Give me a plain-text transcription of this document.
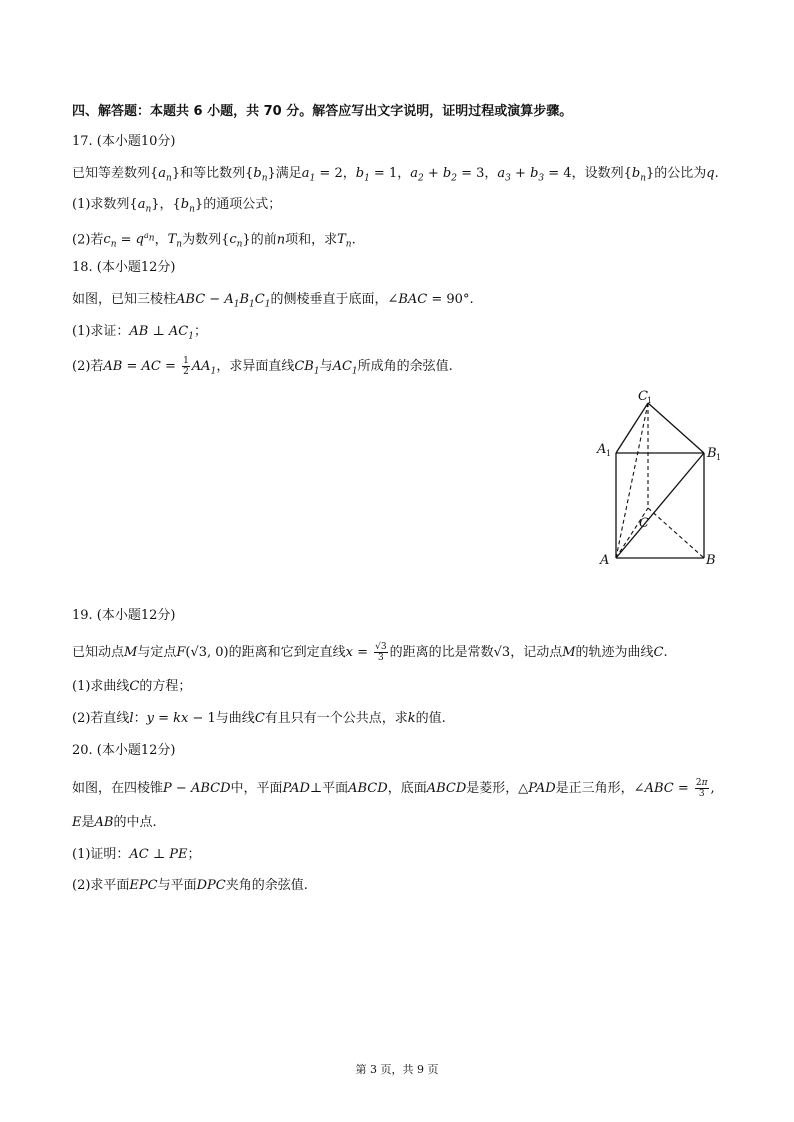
四、解答题：本题共 6 小题，共 70 分。解答应写出文字说明，证明过程或演算步骤。
17. (本小题10分)
已知等差数列$\{a_n\}$和等比数列$\{b_n\}$满足$a_1 = 2$，$b_1 = 1$，$a_2 + b_2 = 3$，$a_3 + b_3 = 4$，设数列$\{b_n\}$的公比为q.
(1)求数列$\{a_n\}$，$\{b_n\}$的通项公式；
(2)若$c_n = q^{a_n}$，$T_n$为数列$\{c_n\}$的前n项和，求$T_n$.
18. (本小题12分)
如图，已知三棱柱ABC − $A_1B_1C_1$的侧棱垂直于底面，∠BAC = 90°.
(1)求证：AB ⊥ $AC_1$；
(2)若AB = AC = $\frac{1}{2} AA_1$，求异面直线$CB_1$与$AC_1$所成角的余弦值.
C 1
A 1	B 1
C
A	B
19. (本小题12分)
已知动点M与定点F(√3, 0)的距离和它到定直线$x = \frac{√3}{3}$ 的距离的比是常数√3，记动点M的轨迹为曲线C.
(1)求曲线C的方程；
(2)若直线l：y = kx − 1与曲线C有且只有一个公共点，求k的值.
20. (本小题12分)
如图，在四棱锥P − ABCD中，平面PAD⊥平面ABCD，底面ABCD是菱形，△PAD是正三角形，∠ABC = $\frac{2\pi}{3}$ ,
E是AB的中点.
(1)证明：AC ⊥ PE；
(2)求平面EPC与平面DPC夹角的余弦值.
第 3 页，共 9 页
